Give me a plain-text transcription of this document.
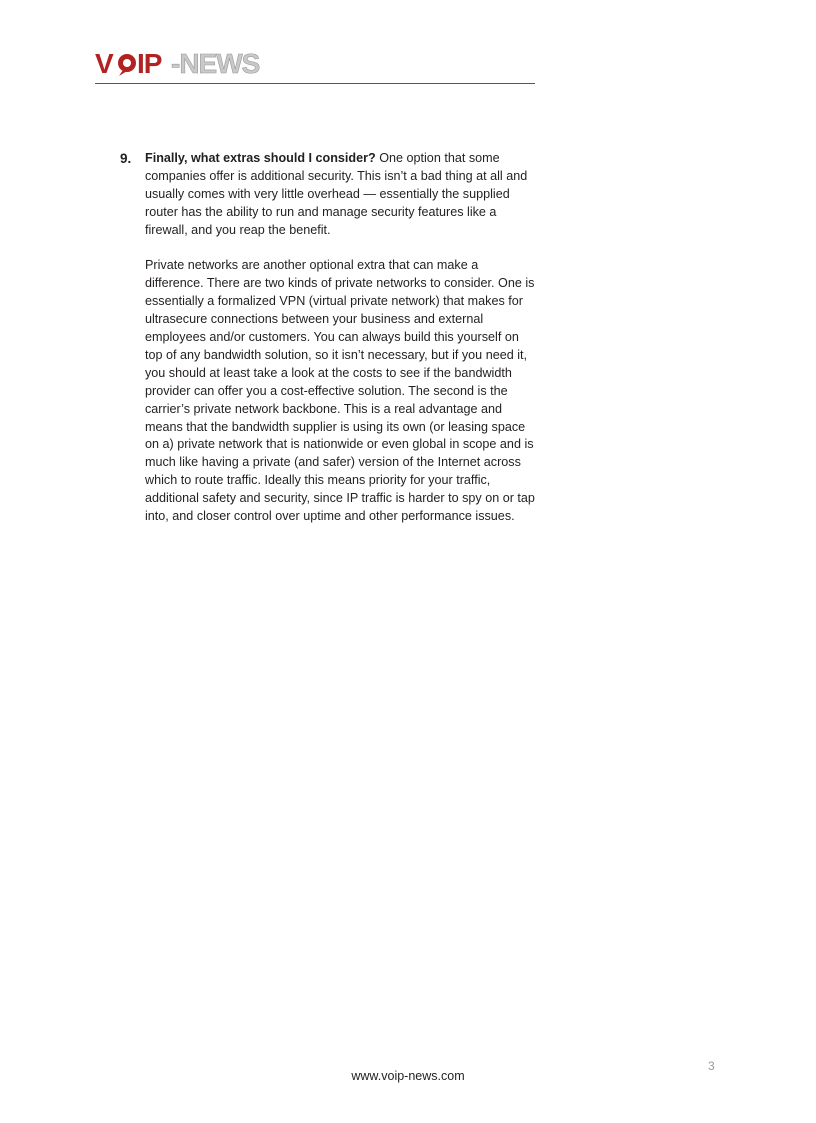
V IP -NEWS
9. Finally, what extras should I consider? One option that some companies offer is additional security. This isn’t a bad thing at all and usually comes with very little overhead — essentially the supplied router has the ability to run and manage security features like a firewall, and you reap the benefit.

Private networks are another optional extra that can make a difference. There are two kinds of private networks to consider. One is essentially a formalized VPN (virtual private network) that makes for ultrasecure connections between your business and external employees and/or customers. You can always build this yourself on top of any bandwidth solution, so it isn’t necessary, but if you need it, you should at least take a look at the costs to see if the bandwidth provider can offer you a cost-effective solution. The second is the carrier’s private network backbone. This is a real advantage and means that the bandwidth supplier is using its own (or leasing space on a) private network that is nationwide or even global in scope and is much like having a private (and safer) version of the Internet across which to route traffic. Ideally this means priority for your traffic, additional safety and security, since IP traffic is harder to spy on or tap into, and closer control over uptime and other performance issues.

3
www.voip-news.com
